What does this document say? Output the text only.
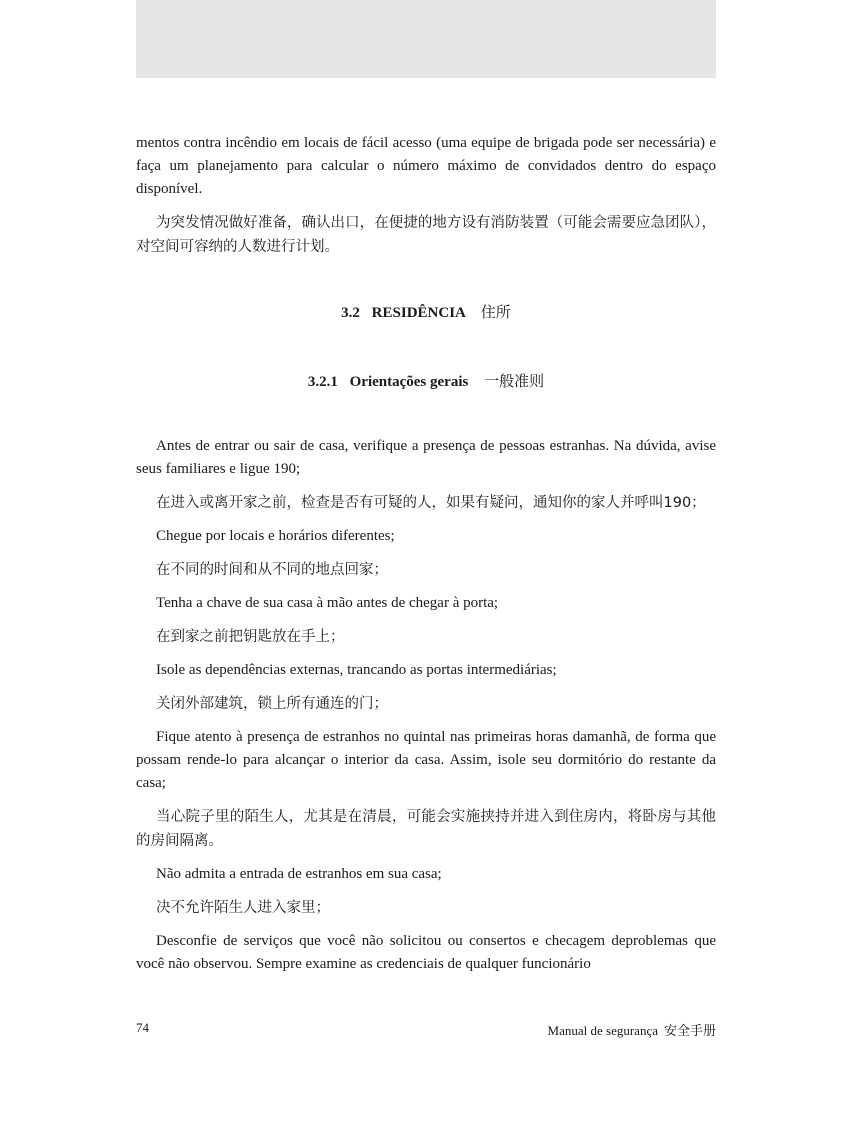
mentos contra incêndio em locais de fácil acesso (uma equipe de brigada pode ser necessária) e faça um planejamento para calcular o número máximo de convidados dentro do espaço disponível.

为突发情况做好准备，确认出口，在便捷的地方设有消防装置（可能会需要应急团队），对空间可容纳的人数进行计划。

3.2 RESIDÊNCIA 住所
3.2.1 Orientações gerais 一般准则

Antes de entrar ou sair de casa, verifique a presença de pessoas estranhas. Na dúvida, avise seus familiares e ligue 190;

在进入或离开家之前，检查是否有可疑的人，如果有疑问，通知你的家人并呼叫190；

Chegue por locais e horários diferentes;

在不同的时间和从不同的地点回家；

Tenha a chave de sua casa à mão antes de chegar à porta;

在到家之前把钥匙放在手上；

Isole as dependências externas, trancando as portas intermediárias;

关闭外部建筑，锁上所有通连的门；

Fique atento à presença de estranhos no quintal nas primeiras horas damanhã, de forma que possam rende-lo para alcançar o interior da casa. Assim, isole seu dormitório do restante da casa;

当心院子里的陌生人，尤其是在清晨，可能会实施挟持并进入到住房内，将卧房与其他的房间隔离。

Não admita a entrada de estranhos em sua casa;

决不允许陌生人进入家里；

Desconfie de serviços que você não solicitou ou consertos e checagem deproblemas que você não observou. Sempre examine as credenciais de qualquer funcionário

74	Manual de segurança 安全手册
